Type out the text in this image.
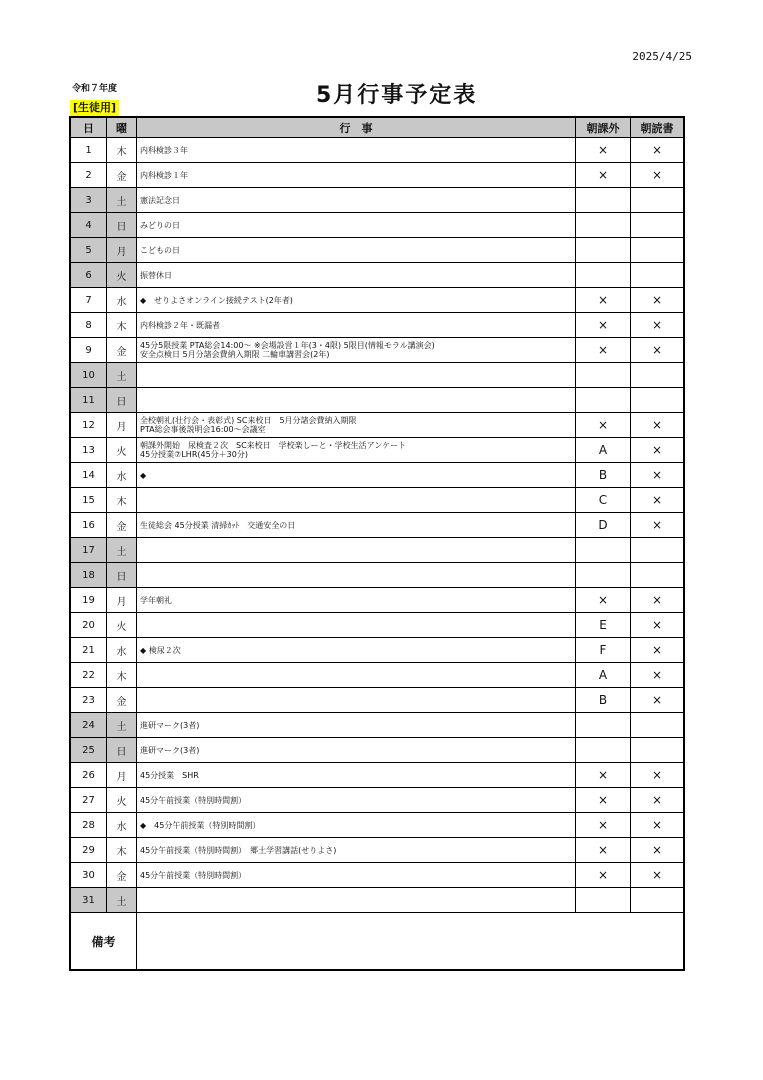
2025/4/25
令和７年度
[生徒用]	5月行事予定表
日	曜	行　事	朝課外	朝読書
1	木	内科検診３年	×	×
2	金	内科検診１年	×	×
3	土	憲法記念日		
4	日	みどりの日		
5	月	こどもの日		
6	火	振替休日		
7	水	◆　せりよさオンライン接続テスト(2年者)	×	×
8	木	内科検診２年・既漏者	×	×
9	金	45分5限授業 PTA総会14:00～ ※会場設営１年(3・4限) 5限目(情報モラル講演会)
安全点検日 5月分諸会費納入期限 二輪車講習会(2年)	×	×
10	土			
11	日			
12	月	全校朝礼(壮行会・表彰式) SC来校日　5月分諸会費納入期限
PTA総会事後説明会16:00～会議室	×	×
13	火	朝課外開始　尿検査２次　SC来校日　学校楽しーと・学校生活アンケート
45分授業⑦LHR(45分＋30分)	A	×
14	水	◆	B	×
15	木		C	×
16	金	生徒総会 45分授業 清掃ｶｯﾄ　交通安全の日	D	×
17	土			
18	日			
19	月	学年朝礼	×	×
20	火		E	×
21	水	◆ 検尿２次	F	×
22	木		A	×
23	金		B	×
24	土	進研マーク(3者)		
25	日	進研マーク(3者)		
26	月	45分授業　SHR	×	×
27	火	45分午前授業（特別時間割）	×	×
28	水	◆　45分午前授業（特別時間割）	×	×
29	木	45分午前授業（特別時間割）　郷土学習講話(せりよさ)	×	×
30	金	45分午前授業（特別時間割）	×	×
31	土			
備考				
